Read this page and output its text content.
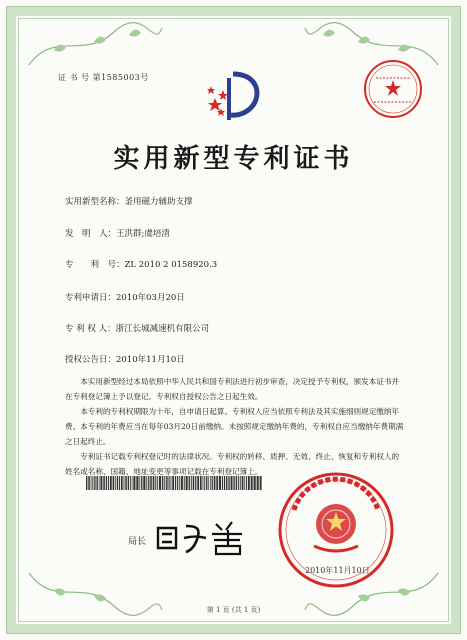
证 书 号 第1585003号
实用新型专利证书
实用新型名称：釜用磁力辅助支撑
发　明　人：王洪群;虞培清
专　　利　号：ZL 2010 2 0158920.3
专利申请日：2010年03月20日
专 利 权 人：浙江长城减速机有限公司
授权公告日：2010年11月10日

本实用新型经过本局依照中华人民共和国专利法进行初步审查，决定授予专利权，颁发本证书并在专利登记簿上予以登记。专利权自授权公告之日起生效。

本专利的专利权期限为十年，自申请日起算。专利权人应当依照专利法及其实施细则规定缴纳年费。本专利的年费应当在每年03月20日前缴纳。未按照规定缴纳年费的，专利权自应当缴纳年费期满之日起终止。

专利证书记载专利权登记时的法律状况。专利权的转移、质押、无效、终止、恢复和专利权人的姓名或名称、国籍、地址变更等事项记载在专利登记簿上。

局长
2010年11月10日
第 1 页 (共 1 页)
